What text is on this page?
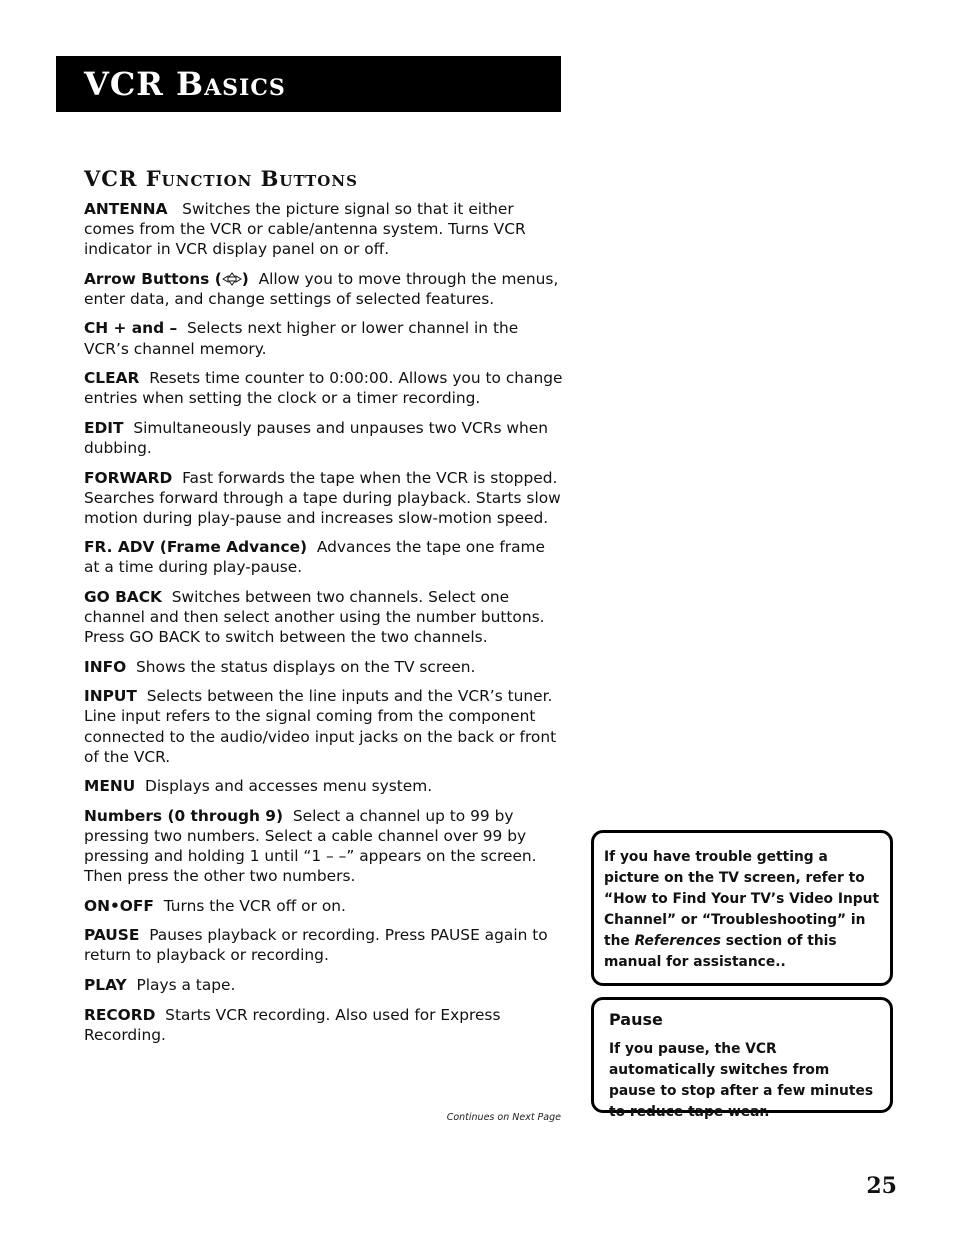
VCR Basics
VCR Function Buttons

ANTENNA Switches the picture signal so that it either comes from the VCR or cable/antenna system. Turns VCR indicator in VCR display panel on or off.

Arrow Buttons ( ) Allow you to move through the menus, enter data, and change settings of selected features.

CH + and – Selects next higher or lower channel in the VCR’s channel memory.

CLEAR Resets time counter to 0:00:00. Allows you to change entries when setting the clock or a timer recording.

EDIT Simultaneously pauses and unpauses two VCRs when dubbing.

FORWARD Fast forwards the tape when the VCR is stopped. Searches forward through a tape during playback. Starts slow motion during play-pause and increases slow-motion speed.

FR. ADV (Frame Advance) Advances the tape one frame at a time during play-pause.

GO BACK Switches between two channels. Select one channel and then select another using the number buttons. Press GO BACK to switch between the two channels.

INFO Shows the status displays on the TV screen.

INPUT Selects between the line inputs and the VCR’s tuner. Line input refers to the signal coming from the component connected to the audio/video input jacks on the back or front of the VCR.

MENU Displays and accesses menu system.

Numbers (0 through 9) Select a channel up to 99 by pressing two numbers. Select a cable channel over 99 by pressing and holding 1 until “1 – –” appears on the screen. Then press the other two numbers.

ON•OFF Turns the VCR off or on.

PAUSE Pauses playback or recording. Press PAUSE again to return to playback or recording.

PLAY Plays a tape.

RECORD Starts VCR recording. Also used for Express Recording.

Continues on Next Page
If you have trouble getting a picture on the TV screen, refer to “How to Find Your TV’s Video Input Channel” or “Troubleshooting” in the References section of this manual for assistance..
Pause
If you pause, the VCR automatically switches from pause to stop after a few minutes to reduce tape wear.
25
